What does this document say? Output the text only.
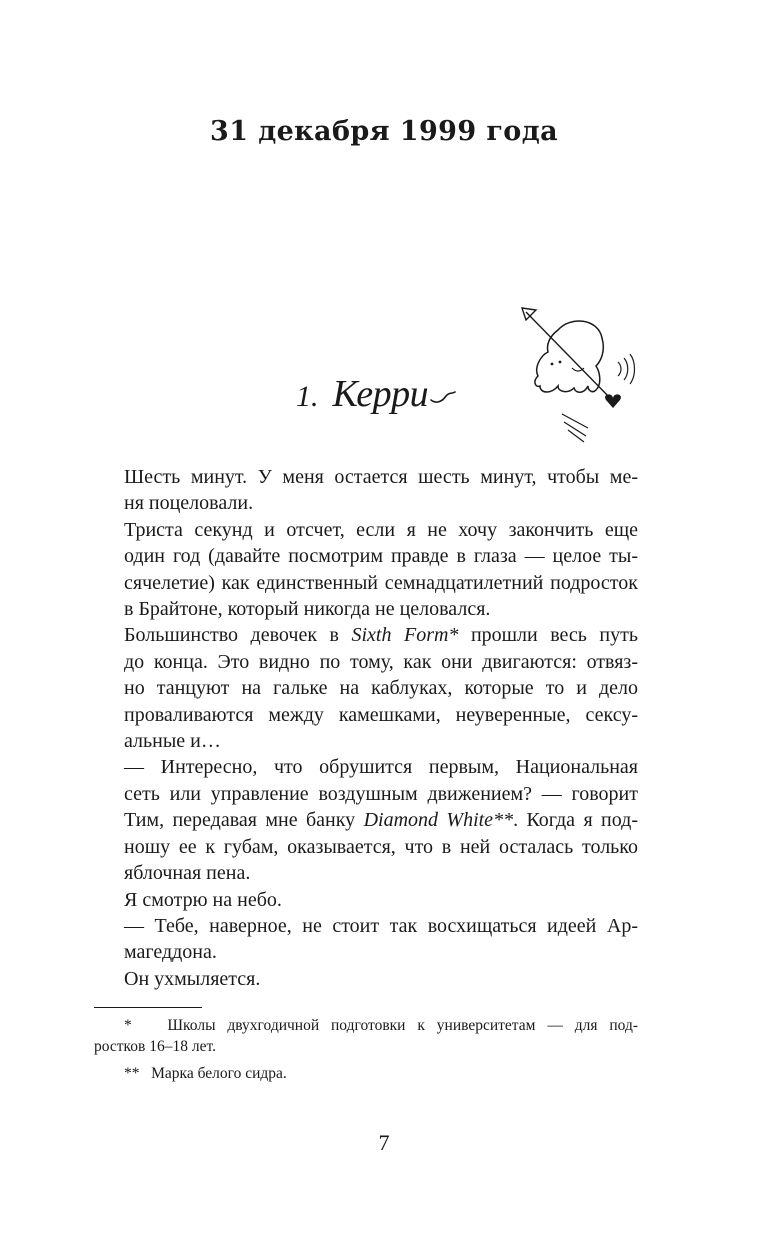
31 декабря 1999 года
1. Керри

Шесть минут. У меня остается шесть минут, чтобы ме-
ня поцеловали.

Триста секунд и отсчет, если я не хочу закончить еще
один год (давайте посмотрим правде в глаза — целое ты-
сячелетие) как единственный семнадцатилетний подросток
в Брайтоне, который никогда не целовался.

Большинство девочек в Sixth Form* прошли весь путь
до конца. Это видно по тому, как они двигаются: отвяз-
но танцуют на гальке на каблуках, которые то и дело
проваливаются между камешками, неуверенные, сексу-
альные и…

— Интересно, что обрушится первым, Национальная
сеть или управление воздушным движением? — говорит
Тим, передавая мне банку Diamond White**. Когда я под-
ношу ее к губам, оказывается, что в ней осталась только
яблочная пена.

Я смотрю на небо.

— Тебе, наверное, не стоит так восхищаться идеей Ар-
магеддона.

Он ухмыляется.

* Школы двухгодичной подготовки к университетам — для под-
ростков 16–18 лет.
** Марка белого сидра.
7
